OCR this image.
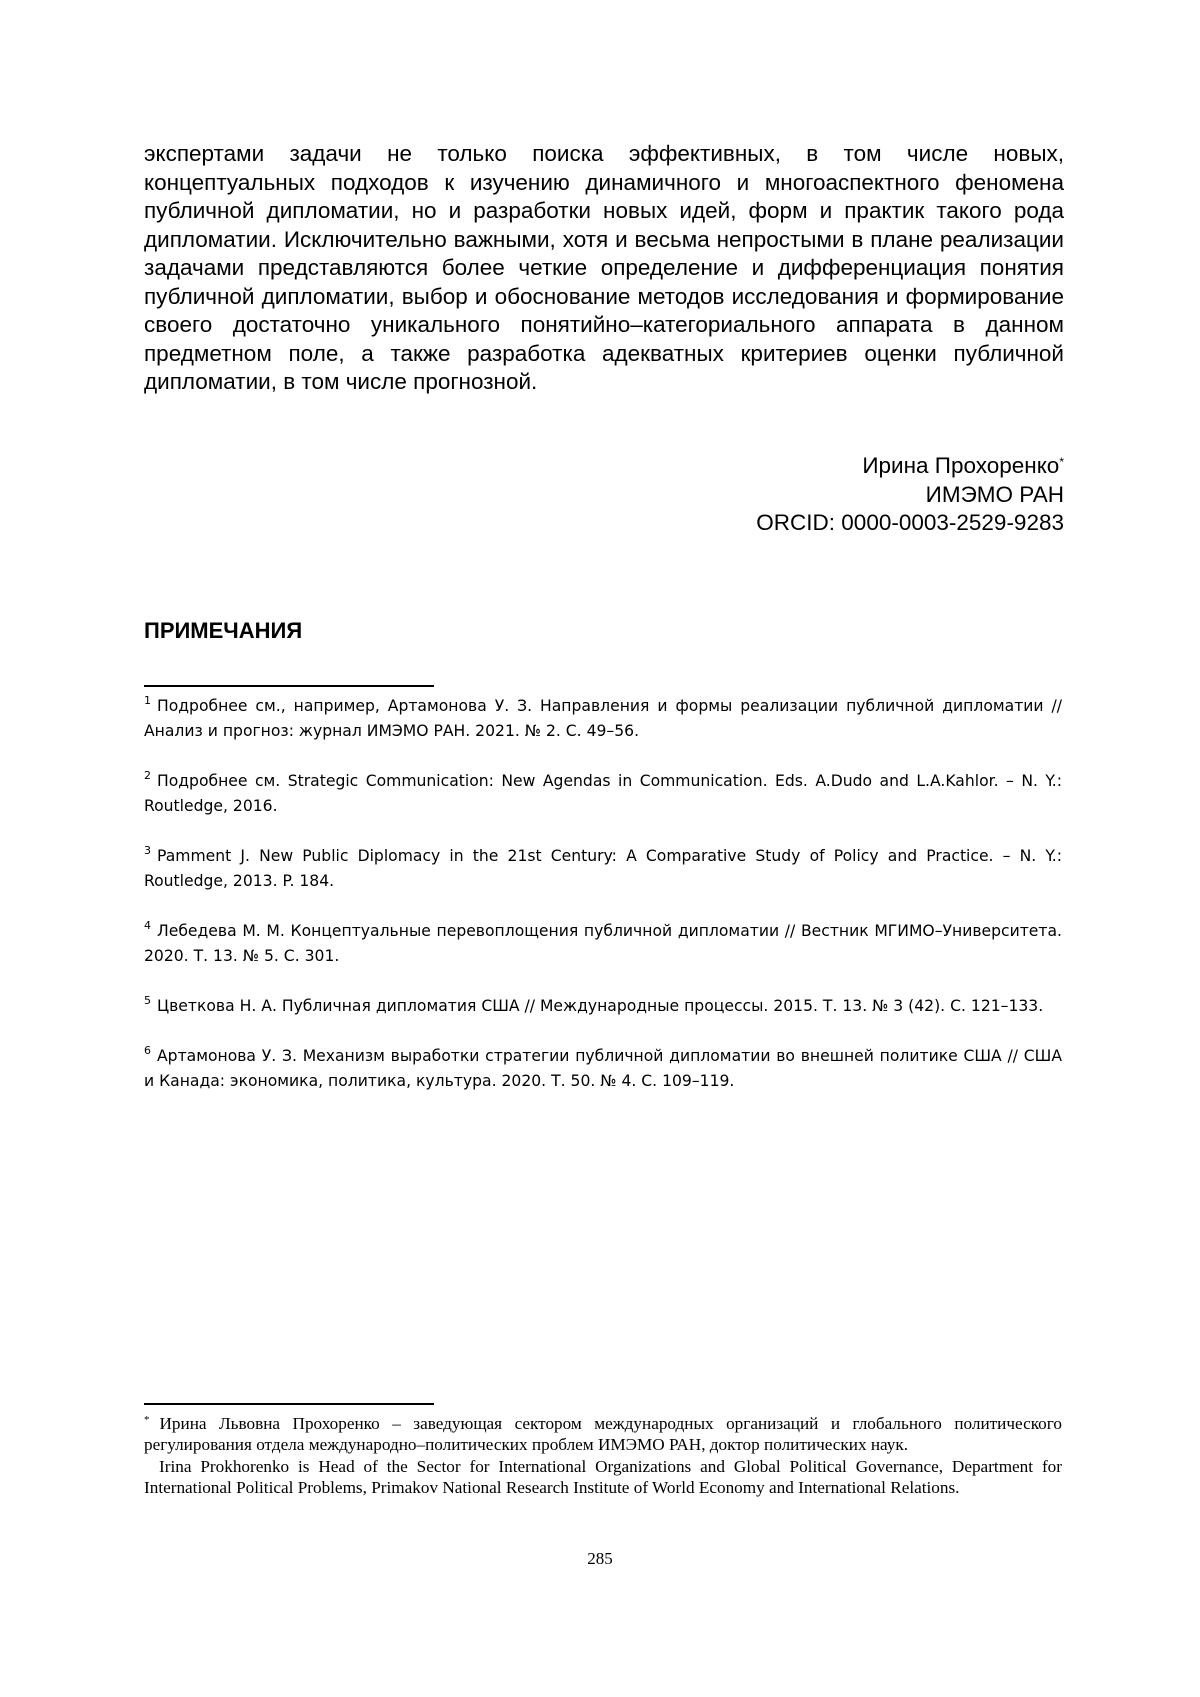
экспертами задачи не только поиска эффективных, в том числе новых, концептуальных подходов к изучению динамичного и многоаспектного феномена публичной дипломатии, но и разработки новых идей, форм и практик такого рода дипломатии. Исключительно важными, хотя и весьма непростыми в плане реализации задачами представляются более четкие определение и дифференциация понятия публичной дипломатии, выбор и обоснование методов исследования и формирование своего достаточно уникального понятийно–категориального аппарата в данном предметном поле, а также разработка адекватных критериев оценки публичной дипломатии, в том числе прогнозной.

Ирина Прохоренко*
ИМЭМО РАН
ORCID: 0000-0003-2529-9283
ПРИМЕЧАНИЯ

$^1$ Подробнее см., например, Артамонова У. З. Направления и формы реализации публичной дипломатии // Анализ и прогноз: журнал ИМЭМО РАН. 2021. № 2. С. 49–56.

$^2$ Подробнее см. Strategic Communication: New Agendas in Communication. Eds. A.Dudo and L.A.Kahlor. – N. Y.: Routledge, 2016.

$^3$ Pamment J. New Public Diplomacy in the 21st Century: A Comparative Study of Policy and Practice. – N. Y.: Routledge, 2013. P. 184.

$^4$ Лебедева М. М. Концептуальные перевоплощения публичной дипломатии // Вестник МГИМО–Университета. 2020. Т. 13. № 5. С. 301.

$^5$ Цветкова Н. А. Публичная дипломатия США // Международные процессы. 2015. Т. 13. № 3 (42). С. 121–133.

$^6$ Артамонова У. З. Механизм выработки стратегии публичной дипломатии во внешней политике США // США и Канада: экономика, политика, культура. 2020. Т. 50. № 4. С. 109–119.

* Ирина Львовна Прохоренко – заведующая сектором международных организаций и глобального политического регулирования отдела международно–политических проблем ИМЭМО РАН, доктор политических наук.

Irina Prokhorenko is Head of the Sector for International Organizations and Global Political Governance, Department for International Political Problems, Primakov National Research Institute of World Economy and International Relations.

285
